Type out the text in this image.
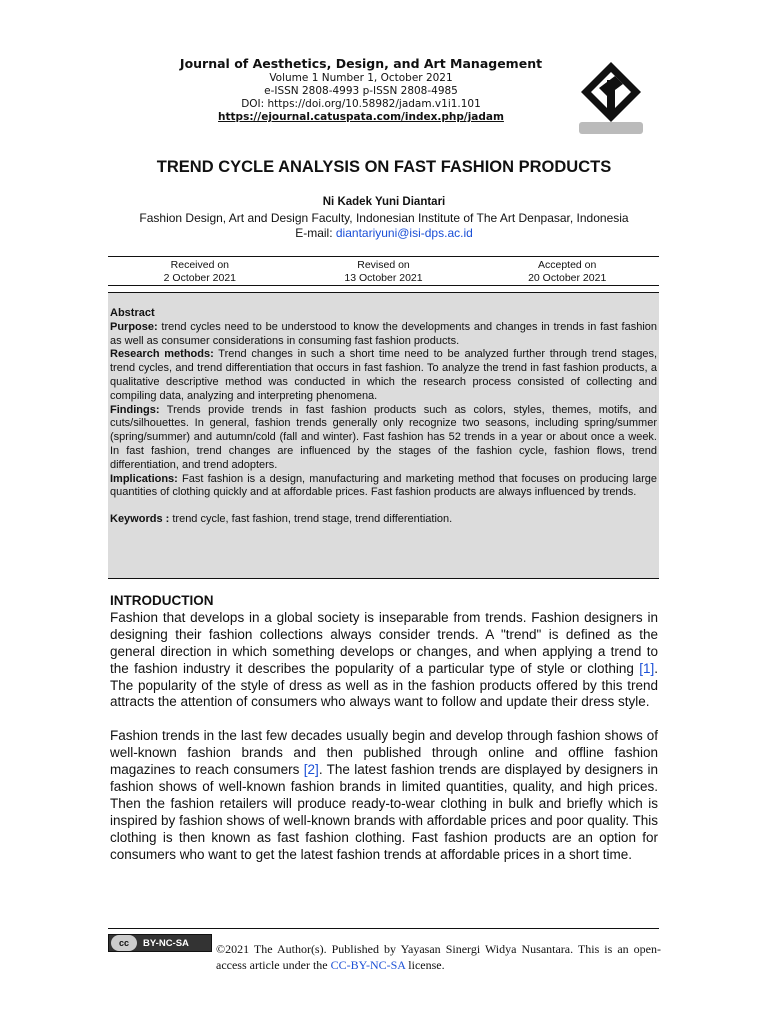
Journal of Aesthetics, Design, and Art Management
Volume 1 Number 1, October 2021
e-ISSN 2808-4993 p-ISSN 2808-4985
DOI: https://doi.org/10.58982/jadam.v1i1.101
https://ejournal.catuspata.com/index.php/jadam
TREND CYCLE ANALYSIS ON FAST FASHION PRODUCTS
Ni Kadek Yuni Diantari
Fashion Design, Art and Design Faculty, Indonesian Institute of The Art Denpasar, Indonesia
E-mail: diantariyuni@isi-dps.ac.id
Received on
2 October 2021
Revised on
13 October 2021
Accepted on
20 October 2021

Abstract

Purpose: trend cycles need to be understood to know the developments and changes in trends in fast fashion as well as consumer considerations in consuming fast fashion products.

Research methods: Trend changes in such a short time need to be analyzed further through trend stages, trend cycles, and trend differentiation that occurs in fast fashion. To analyze the trend in fast fashion products, a qualitative descriptive method was conducted in which the research process consisted of collecting and compiling data, analyzing and interpreting phenomena.

Findings: Trends provide trends in fast fashion products such as colors, styles, themes, motifs, and cuts/silhouettes. In general, fashion trends generally only recognize two seasons, including spring/summer (spring/summer) and autumn/cold (fall and winter). Fast fashion has 52 trends in a year or about once a week. In fast fashion, trend changes are influenced by the stages of the fashion cycle, fashion flows, trend differentiation, and trend adopters.

Implications: Fast fashion is a design, manufacturing and marketing method that focuses on producing large quantities of clothing quickly and at affordable prices. Fast fashion products are always influenced by trends.

Keywords : trend cycle, fast fashion, trend stage, trend differentiation.

INTRODUCTION

Fashion that develops in a global society is inseparable from trends. Fashion designers in designing their fashion collections always consider trends. A "trend" is defined as the general direction in which something develops or changes, and when applying a trend to the fashion industry it describes the popularity of a particular type of style or clothing [1]. The popularity of the style of dress as well as in the fashion products offered by this trend attracts the attention of consumers who always want to follow and update their dress style.

Fashion trends in the last few decades usually begin and develop through fashion shows of well-known fashion brands and then published through online and offline fashion magazines to reach consumers [2]. The latest fashion trends are displayed by designers in fashion shows of well-known fashion brands in limited quantities, quality, and high prices. Then the fashion retailers will produce ready-to-wear clothing in bulk and briefly which is inspired by fashion shows of well-known brands with affordable prices and poor quality. This clothing is then known as fast fashion clothing. Fast fashion products are an option for consumers who want to get the latest fashion trends at affordable prices in a short time.

cc	BY-NC-SA ©2021 The Author(s). Published by Yayasan Sinergi Widya Nusantara. This is an open-access article under the CC-BY-NC-SA license.
